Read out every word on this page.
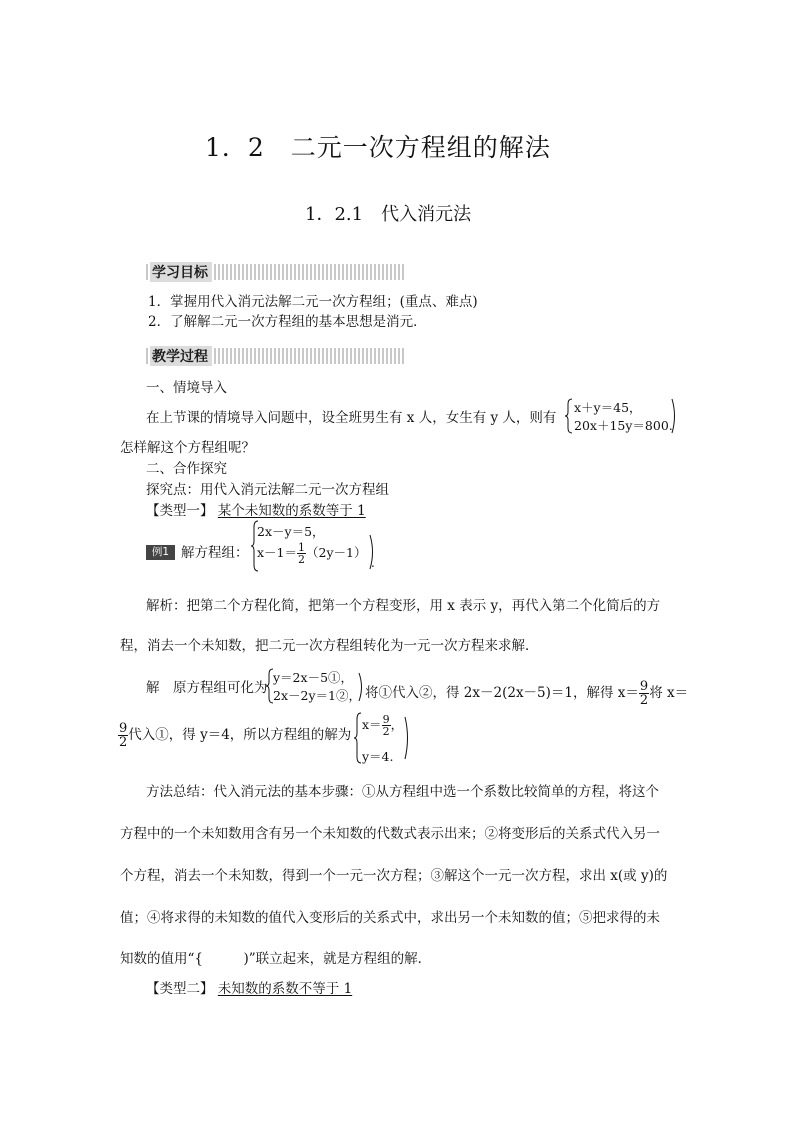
1．2　二元一次方程组的解法
1．2.1　代入消元法
学习目标
1．掌握用代入消元法解二元一次方程组；(重点、难点)
2．了解解二元一次方程组的基本思想是消元．
教学过程
一、情境导入
在上节课的情境导入问题中，设全班男生有 x 人，女生有 y 人，则有
x＋y＝45，
20x＋15y＝800.
怎样解这个方程组呢？
二、合作探究
探究点：用代入消元法解二元一次方程组
【类型一】 某个未知数的系数等于 1
例1 解方程组：
2x－y＝5，
$x-1= \frac{1}{2} (2y-1)$
.
解析：把第二个方程化简，把第一个方程变形，用 x 表示 y，再代入第二个化简后的方
程，消去一个未知数，把二元一次方程组转化为一元一次方程来求解．
解　原方程组可化为
y＝2x－5①，
2x－2y＝1②， 将①代入②，得 2x－2(2x－5)＝1，解得 $x= \frac{9}{2}$ 将 x＝
$\frac{9}{2}$ 代入①，得 y＝4，所以方程组的解为
$x= \frac{9}{2}$ ，
y＝4.
方法总结：代入消元法的基本步骤：①从方程组中选一个系数比较简单的方程，将这个
方程中的一个未知数用含有另一个未知数的代数式表示出来；②将变形后的关系式代入另一
个方程，消去一个未知数，得到一个一元一次方程；③解这个一元一次方程，求出 x(或 y)的
值；④将求得的未知数的值代入变形后的关系式中，求出另一个未知数的值；⑤把求得的未
知数的值用“{　　　)”联立起来，就是方程组的解．
【类型二】 未知数的系数不等于 1
